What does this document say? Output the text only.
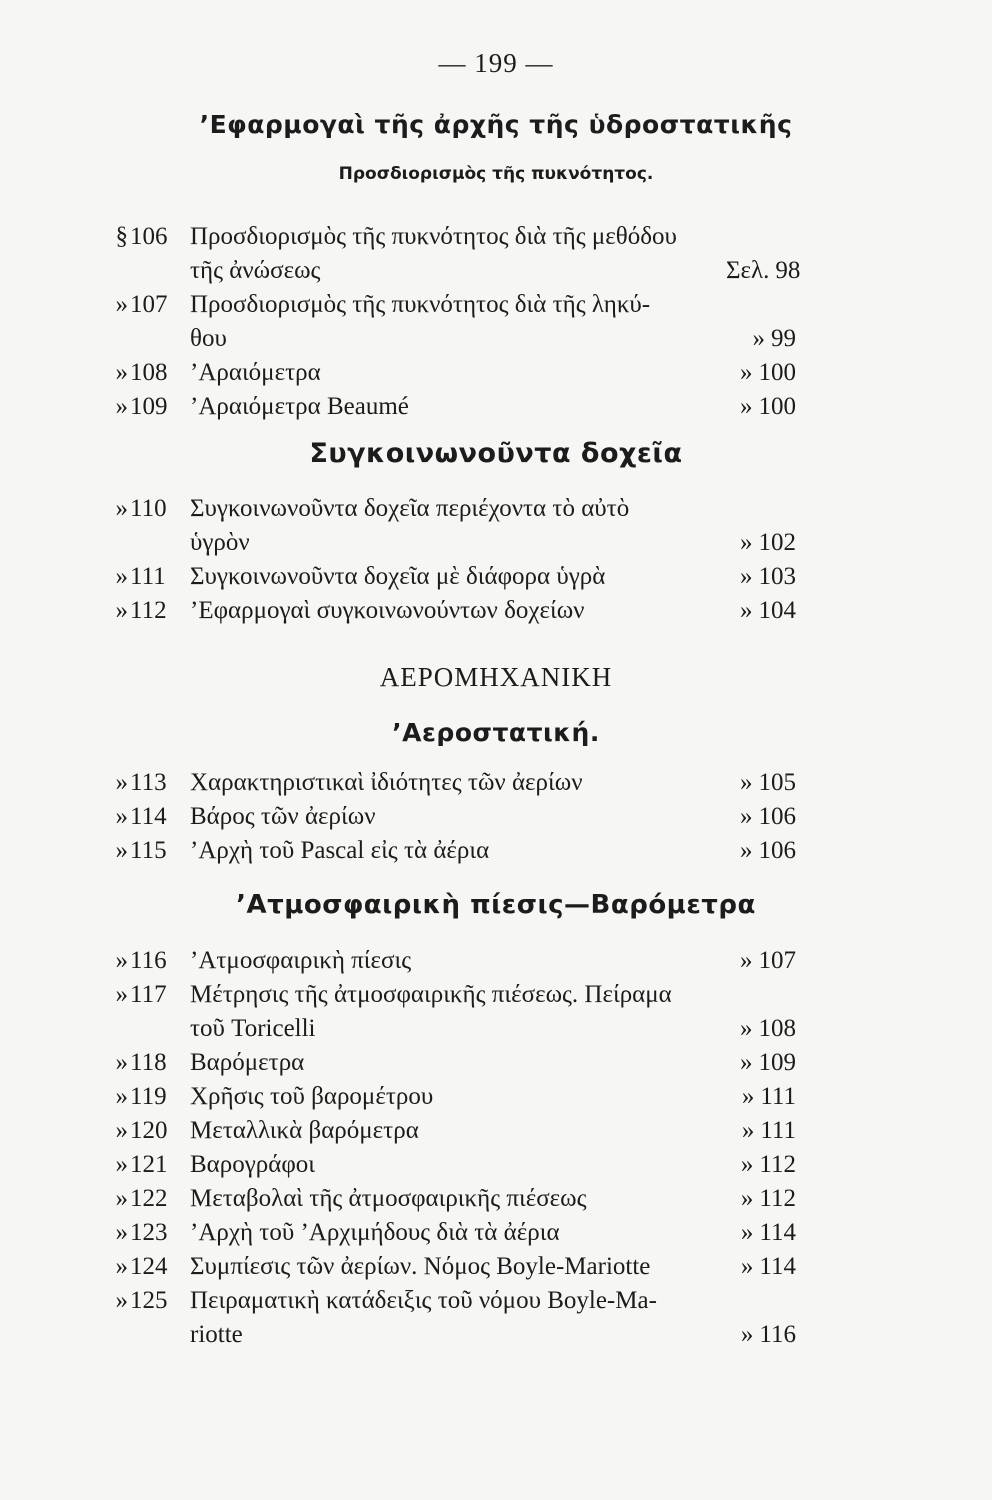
— 199 —
’Εφαρμογαὶ τῆς ἀρχῆς τῆς ὑδροστατικῆς
Προσδιορισμὸς τῆς πυκνότητος.
§ 106 Προσδιορισμὸς τῆς πυκνότητος διὰ τῆς μεθόδου
τῆς ἀνώσεως	Σελ. 98
» 107 Προσδιορισμὸς τῆς πυκνότητος διὰ τῆς ληκύ-
θου	» 99
» 108 ’Αραιόμετρα	» 100
» 109 ’Αραιόμετρα Beaumé	» 100
Συγκοινωνοῦντα δοχεῖα
» 110 Συγκοινωνοῦντα δοχεῖα περιέχοντα τὸ αὐτὸ
ὑγρὸν	» 102
» 111 Συγκοινωνοῦντα δοχεῖα μὲ διάφορα ὑγρὰ	» 103
» 112 ’Εφαρμογαὶ συγκοινωνούντων δοχείων	» 104
ΑΕΡΟΜΗΧΑΝΙΚΗ
’Αεροστατική.
» 113 Χαρακτηριστικαὶ ἰδιότητες τῶν ἀερίων	» 105
» 114 Βάρος τῶν ἀερίων	» 106
» 115 ’Αρχὴ τοῦ Pascal εἰς τὰ ἀέρια	» 106
’Ατμοσφαιρικὴ πίεσις—Βαρόμετρα
» 116 ’Ατμοσφαιρικὴ πίεσις	» 107
» 117 Μέτρησις τῆς ἀτμοσφαιρικῆς πιέσεως. Πείραμα
τοῦ Toricelli	» 108
» 118 Βαρόμετρα	» 109
» 119 Χρῆσις τοῦ βαρομέτρου	» 111
» 120 Μεταλλικὰ βαρόμετρα	» 111
» 121 Βαρογράφοι	» 112
» 122 Μεταβολαὶ τῆς ἀτμοσφαιρικῆς πιέσεως	» 112
» 123 ’Αρχὴ τοῦ ’Αρχιμήδους διὰ τὰ ἀέρια	» 114
» 124 Συμπίεσις τῶν ἀερίων. Νόμος Boyle-Mariotte	» 114
» 125 Πειραματικὴ κατάδειξις τοῦ νόμου Boyle-Ma-
riotte	» 116
